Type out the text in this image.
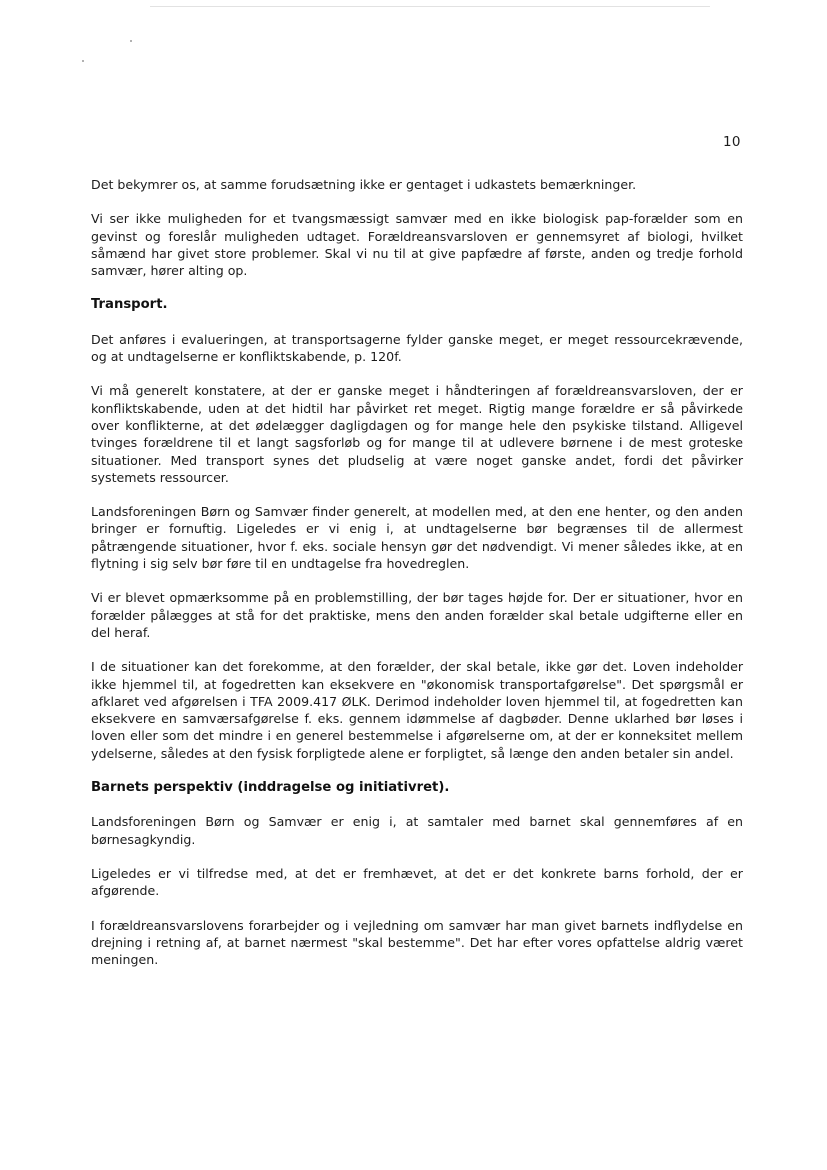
10

Det bekymrer os, at samme forudsætning ikke er gentaget i udkastets bemærkninger.

Vi ser ikke muligheden for et tvangsmæssigt samvær med en ikke biologisk pap-forælder som en gevinst og foreslår muligheden udtaget. Forældreansvarsloven er gennemsyret af biologi, hvilket såmænd har givet store problemer. Skal vi nu til at give papfædre af første, anden og tredje forhold samvær, hører alting op.

Transport.

Det anføres i evalueringen, at transportsagerne fylder ganske meget, er meget ressourcekrævende, og at undtagelserne er konfliktskabende, p. 120f.

Vi må generelt konstatere, at der er ganske meget i håndteringen af forældreansvarsloven, der er konfliktskabende, uden at det hidtil har påvirket ret meget. Rigtig mange forældre er så påvirkede over konflikterne, at det ødelægger dagligdagen og for mange hele den psykiske tilstand. Alligevel tvinges forældrene til et langt sagsforløb og for mange til at udlevere børnene i de mest groteske situationer. Med transport synes det pludselig at være noget ganske andet, fordi det påvirker systemets ressourcer.

Landsforeningen Børn og Samvær finder generelt, at modellen med, at den ene henter, og den anden bringer er fornuftig. Ligeledes er vi enig i, at undtagelserne bør begrænses til de allermest påtrængende situationer, hvor f. eks. sociale hensyn gør det nødvendigt. Vi mener således ikke, at en flytning i sig selv bør føre til en undtagelse fra hovedreglen.

Vi er blevet opmærksomme på en problemstilling, der bør tages højde for. Der er situationer, hvor en forælder pålægges at stå for det praktiske, mens den anden forælder skal betale udgifterne eller en del heraf.

I de situationer kan det forekomme, at den forælder, der skal betale, ikke gør det. Loven indeholder ikke hjemmel til, at fogedretten kan eksekvere en "økonomisk transportafgørelse". Det spørgsmål er afklaret ved afgørelsen i TFA 2009.417 ØLK. Derimod indeholder loven hjemmel til, at fogedretten kan eksekvere en samværsafgørelse f. eks. gennem idømmelse af dagbøder. Denne uklarhed bør løses i loven eller som det mindre i en generel bestemmelse i afgørelserne om, at der er konneksitet mellem ydelserne, således at den fysisk forpligtede alene er forpligtet, så længe den anden betaler sin andel.

Barnets perspektiv (inddragelse og initiativret).

Landsforeningen Børn og Samvær er enig i, at samtaler med barnet skal gennemføres af en børnesagkyndig.

Ligeledes er vi tilfredse med, at det er fremhævet, at det er det konkrete barns forhold, der er afgørende.

I forældreansvarslovens forarbejder og i vejledning om samvær har man givet barnets indflydelse en drejning i retning af, at barnet nærmest "skal bestemme". Det har efter vores opfattelse aldrig været meningen.
